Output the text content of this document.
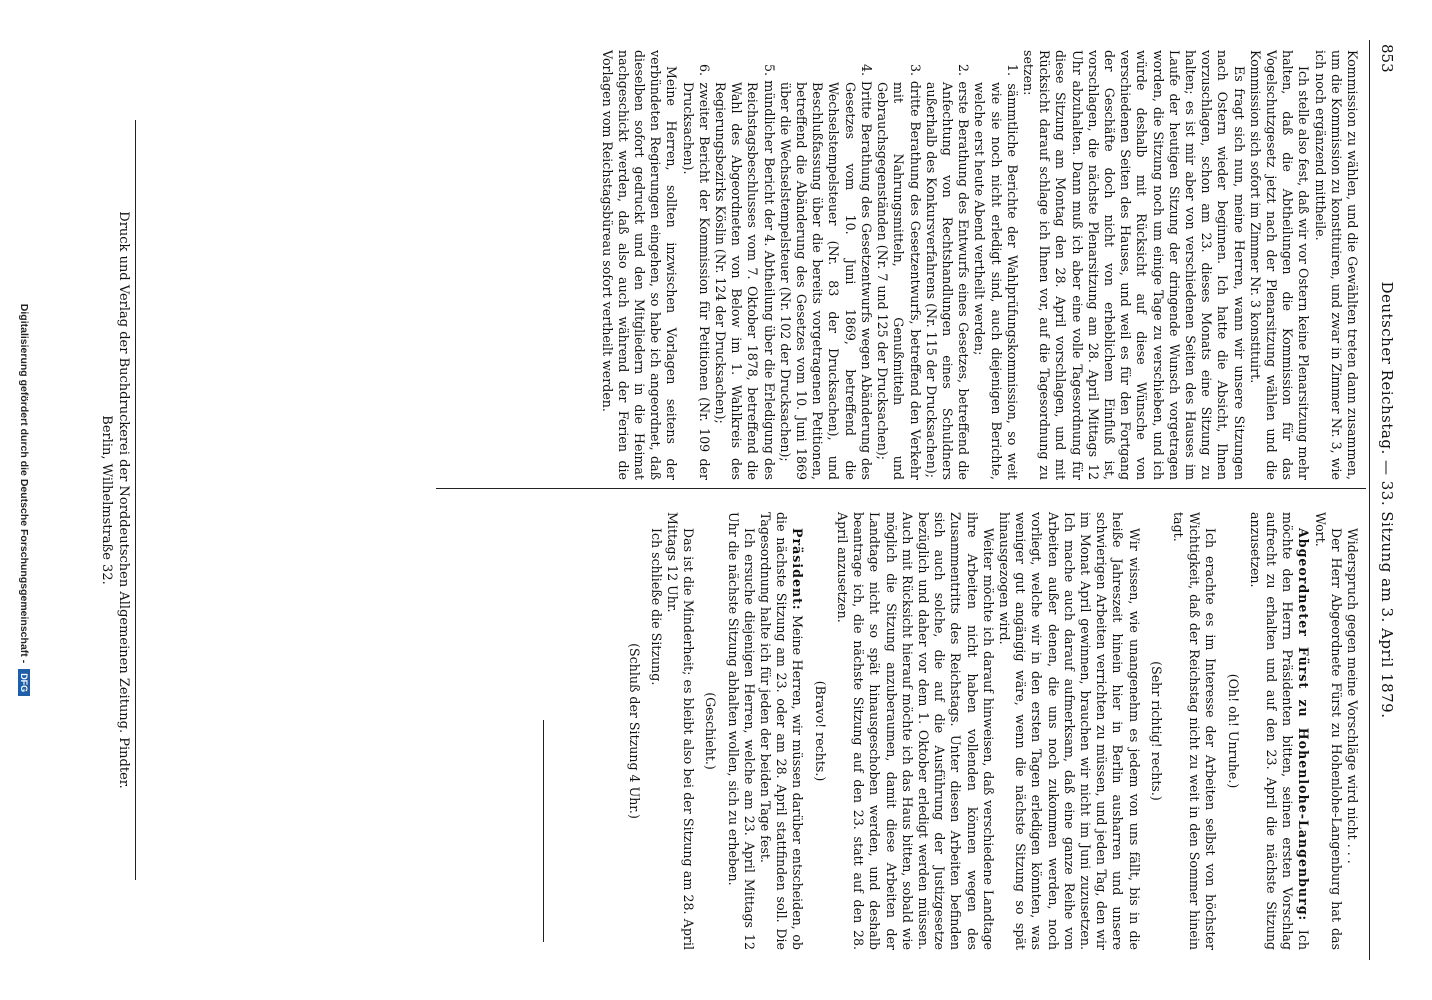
853
Deutscher Reichstag. — 33. Sitzung am 3. April 1879.

Kommission zu wählen, und die Gewählten treten dann zusammen, um die Kommission zu konstituiren, und zwar in Zimmer Nr. 3, wie ich noch ergänzend mittheile.

Ich stelle also fest, daß wir vor Ostern keine Plenarsitzung mehr halten, daß die Abtheilungen die Kommission für das Vogelschutzgesetz jetzt nach der Plenarsitzung wählen und die Kommission sich sofort im Zimmer Nr. 3 konstituirt.

Es fragt sich nun, meine Herren, wann wir unsere Sitzungen nach Ostern wieder beginnen. Ich hatte die Absicht, Ihnen vorzuschlagen, schon am 23. dieses Monats eine Sitzung zu halten; es ist mir aber von verschiedenen Seiten des Hauses im Laufe der heutigen Sitzung der dringende Wunsch vorgetragen worden, die Sitzung noch um einige Tage zu verschieben, und ich würde deshalb mit Rücksicht auf diese Wünsche von verschiedenen Seiten des Hauses, und weil es für den Fortgang der Geschäfte doch nicht von erheblichem Einfluß ist, vorschlagen, die nächste Plenarsitzung am 28. April Mittags 12 Uhr abzuhalten. Dann muß ich aber eine volle Tagesordnung für diese Sitzung am Montag den 28. April vorschlagen, und mit Rücksicht darauf schlage ich Ihnen vor, auf die Tagesordnung zu setzen:

1. sämmtliche Berichte der Wahlprüfungskommission, so weit wie sie noch nicht erledigt sind, auch diejenigen Berichte, welche erst heute Abend vertheilt werden;

2. erste Berathung des Entwurfs eines Gesetzes, betreffend die Anfechtung von Rechtshandlungen eines Schuldners außerhalb des Konkursverfahrens (Nr. 115 der Drucksachen);

3. dritte Berathung des Gesetzentwurfs, betreffend den Verkehr mit Nahrungsmitteln, Genußmitteln und Gebrauchsgegenständen (Nr. 7 und 125 der Drucksachen);

4. Dritte Berathung des Gesetzentwurfs wegen Abänderung des Gesetzes vom 10. Juni 1869, betreffend die Wechselstempelsteuer (Nr. 83 der Drucksachen), und Beschlußfassung über die bereits vorgetragenen Petitionen, betreffend die Abänderung des Gesetzes vom 10. Juni 1869 über die Wechselstempelsteuer (Nr. 102 der Drucksachen);

5. mündlicher Bericht der 4. Abtheilung über die Erledigung des Reichstagsbeschlusses vom 7. Oktober 1878, betreffend die Wahl des Abgeordneten von Below im 1. Wahlkreis des Regierungsbezirks Köslin (Nr. 124 der Drucksachen);

6. zweiter Bericht der Kommission für Petitionen (Nr. 109 der Drucksachen).

Meine Herren, sollten inzwischen Vorlagen seitens der verbündeten Regierungen eingehen, so habe ich angeordnet, daß dieselben sofort gedruckt und den Mitgliedern in die Heimat nachgeschickt werden, daß also auch während der Ferien die Vorlagen vom Reichstagsbüreau sofort vertheilt werden.

Widerspruch gegen meine Vorschläge wird nicht . . .

Der Herr Abgeordnete Fürst zu Hohenlohe-Langenburg hat das Wort.

Abgeordneter Fürst zu Hohenlohe-Langenburg: Ich möchte den Herrn Präsidenten bitten, seinen ersten Vorschlag aufrecht zu erhalten und auf den 23. April die nächste Sitzung anzusetzen.

(Oh! oh! Unruhe.)

Ich erachte es im Interesse der Arbeiten selbst von höchster Wichtigkeit, daß der Reichstag nicht zu weit in den Sommer hinein tagt.

(Sehr richtig! rechts.)

Wir wissen, wie unangenehm es jedem von uns fällt, bis in die heiße Jahreszeit hinein hier in Berlin ausharren und unsere schwierigen Arbeiten verrichten zu müssen, und jeden Tag, den wir im Monat April gewinnen, brauchen wir nicht im Juni zuzusetzen. Ich mache auch darauf aufmerksam, daß eine ganze Reihe von Arbeiten außer denen, die uns noch zukommen werden, noch vorliegt, welche wir in den ersten Tagen erledigen könnten, was weniger gut angängig wäre, wenn die nächste Sitzung so spät hinausgezogen wird.

Weiter möchte ich darauf hinweisen, daß verschiedene Landtage ihre Arbeiten nicht haben vollenden können wegen des Zusammentritts des Reichstags. Unter diesen Arbeiten befinden sich auch solche, die auf die Ausführung der Justizgesetze bezüglich und daher vor dem 1. Oktober erledigt werden müssen. Auch mit Rücksicht hierauf möchte ich das Haus bitten, sobald wie möglich die Sitzung anzuberaumen, damit diese Arbeiten der Landtage nicht so spät hinausgeschoben werden, und deshalb beantrage ich, die nächste Sitzung auf den 23. statt auf den 28. April anzusetzen.

(Bravo! rechts.)

Präsident: Meine Herren, wir müssen darüber entscheiden, ob die nächste Sitzung am 23. oder am 28. April stattfinden soll. Die Tagesordnung halte ich für jeden der beiden Tage fest.

Ich ersuche diejenigen Herren, welche am 23. April Mittags 12 Uhr die nächste Sitzung abhalten wollen, sich zu erheben.

(Geschieht.)

Das ist die Minderheit; es bleibt also bei der Sitzung am 28. April Mittags 12 Uhr.

Ich schließe die Sitzung.

(Schluß der Sitzung 4 Uhr.)

Druck und Verlag der Buchdruckerei der Norddeutschen Allgemeinen Zeitung. Pindter.
Berlin, Wilhelmstraße 32.
Digitalisierung gefördert durch die Deutsche Forschungsgemeinschaft -DFG
